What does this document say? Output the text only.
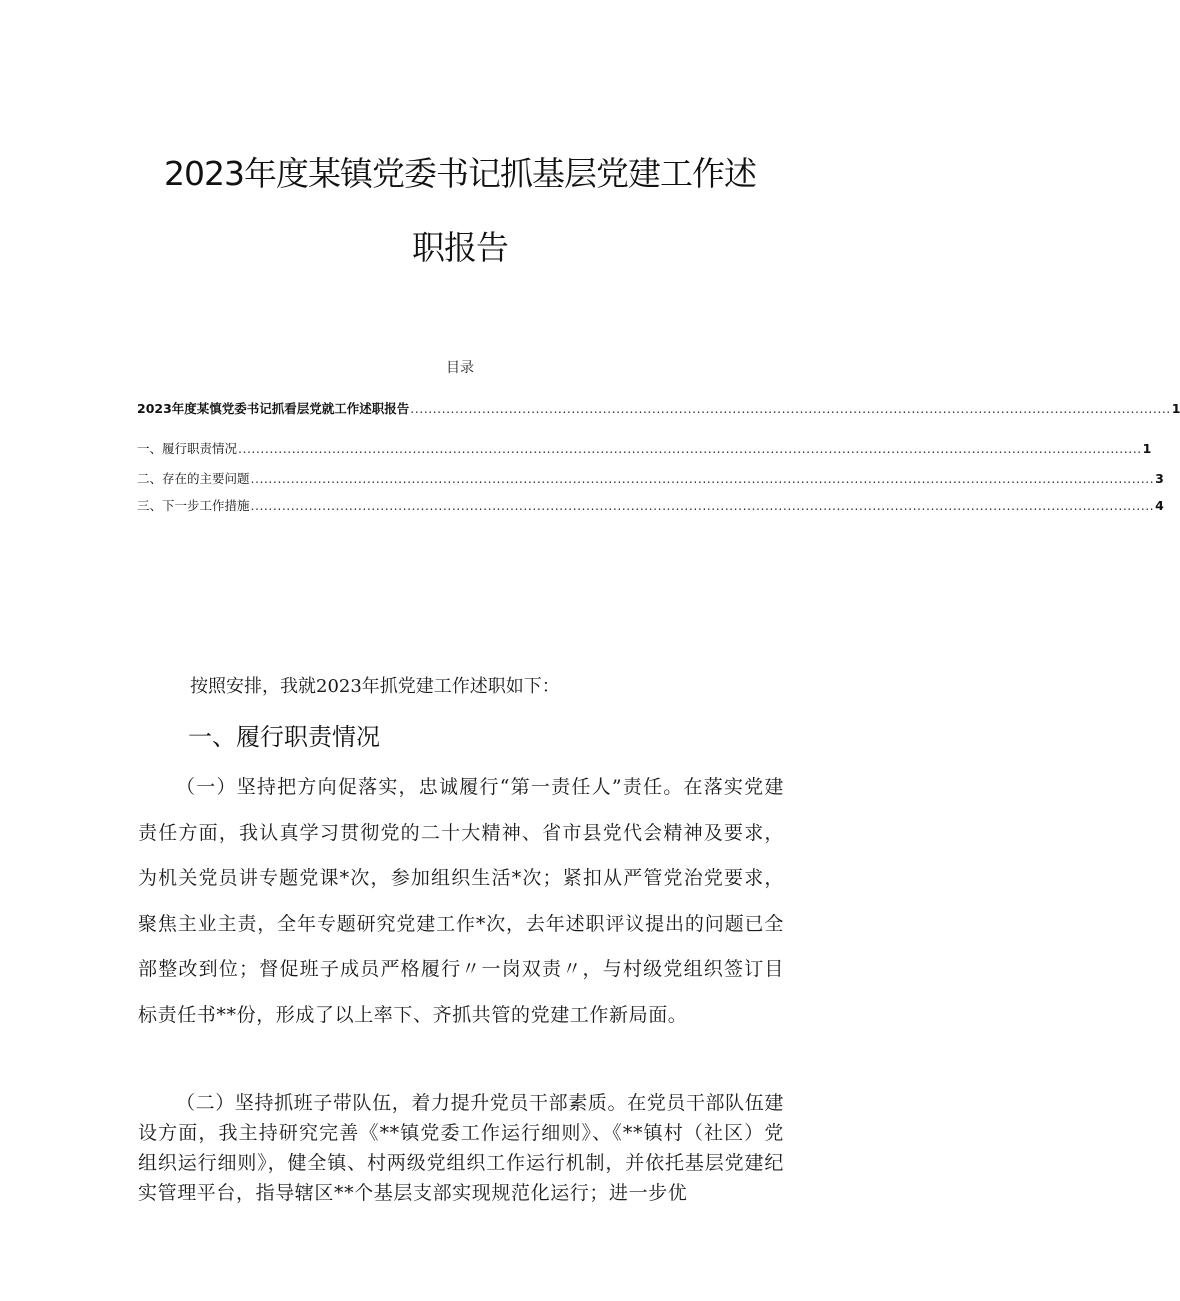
2023年度某镇党委书记抓基层党建工作述
职报告
目录
2023年度某慎党委书记抓看层党就工作述职报告 .......................................................................................................................................................................... 1
一、履行职责情况 .......................................................................................................................................................................................................... 1
二、存在的主要问题 .......................................................................................................................................................................................................... 3
三、下一步工作措施 .......................................................................................................................................................................................................... 4
按照安排，我就2023年抓党建工作述职如下：
一、履行职责情况
（一）坚持把方向促落实，忠诚履行“第一责任人”责任。在落实党建责任方面，我认真学习贯彻党的二十大精神、省市县党代会精神及要求，为机关党员讲专题党课*次，参加组织生活*次；紧扣从严管党治党要求，聚焦主业主责，全年专题研究党建工作*次，去年述职评议提出的问题已全部整改到位；督促班子成员严格履行〃一岗双责〃，与村级党组织签订目标责任书**份，形成了以上率下、齐抓共管的党建工作新局面。
（二）坚持抓班子带队伍，着力提升党员干部素质。在党员干部队伍建设方面，我主持研究完善《**镇党委工作运行细则》、《**镇村（社区）党组织运行细则》，健全镇、村两级党组织工作运行机制，并依托基层党建纪实管理平台，指导辖区**个基层支部实现规范化运行；进一步优
